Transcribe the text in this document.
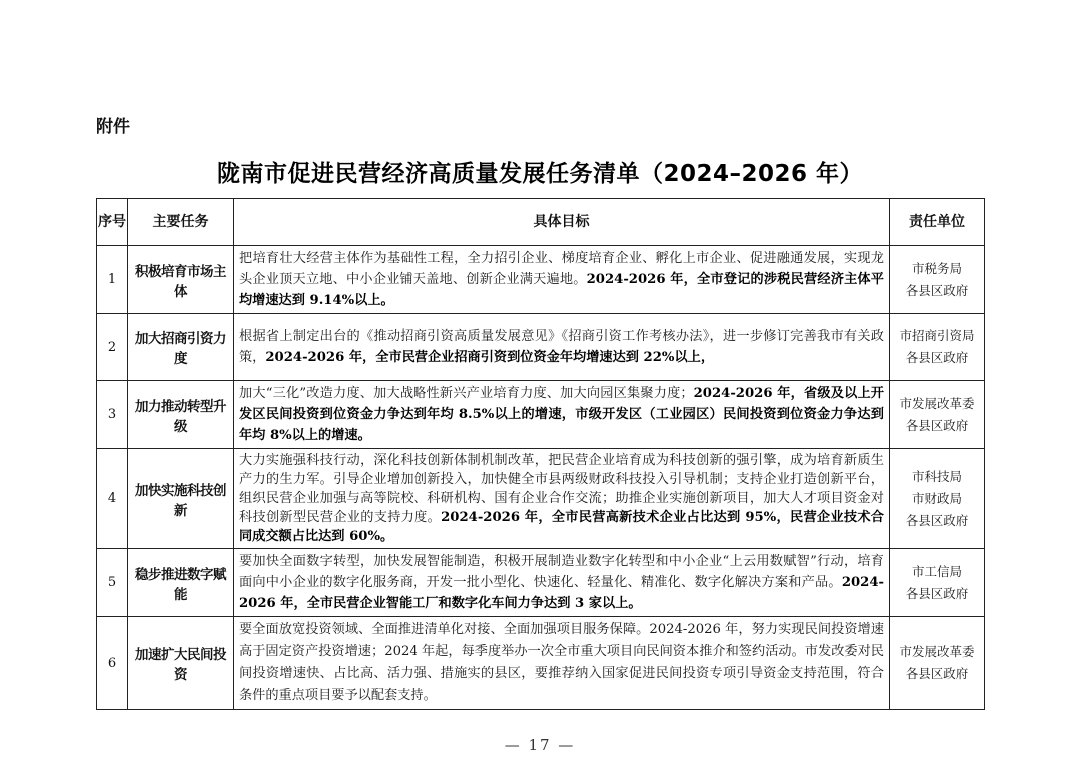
附件
陇南市促进民营经济高质量发展任务清单（2024–2026 年）
序号	主要任务	具体目标	责任单位
1	积极培育市场主体	把培育壮大经营主体作为基础性工程，全力招引企业、梯度培育企业、孵化上市企业、促进融通发展，实现龙头企业顶天立地、中小企业铺天盖地、创新企业满天遍地。2024-2026 年，全市登记的涉税民营经济主体平均增速达到 9.14%以上。	市税务局
各县区政府

2	加大招商引资力度	根据省上制定出台的《推动招商引资高质量发展意见》《招商引资工作考核办法》，进一步修订完善我市有关政策，2024-2026 年，全市民营企业招商引资到位资金年均增速达到 22%以上，	市招商引资局
各县区政府

3	加力推动转型升级	加大“三化”改造力度、加大战略性新兴产业培育力度、加大向园区集聚力度；2024-2026 年，省级及以上开发区民间投资到位资金力争达到年均 8.5%以上的增速，市级开发区（工业园区）民间投资到位资金力争达到年均 8%以上的增速。	市发展改革委
各县区政府

4	加快实施科技创新	大力实施强科技行动，深化科技创新体制机制改革，把民营企业培育成为科技创新的强引擎，成为培育新质生产力的生力军。引导企业增加创新投入，加快健全市县两级财政科技投入引导机制；支持企业打造创新平台，组织民营企业加强与高等院校、科研机构、国有企业合作交流；助推企业实施创新项目，加大人才项目资金对科技创新型民营企业的支持力度。2024-2026 年，全市民营高新技术企业占比达到 95%，民营企业技术合同成交额占比达到 60%。	
市科技局
市财政局
各县区政府

5	稳步推进数字赋能	要加快全面数字转型，加快发展智能制造，积极开展制造业数字化转型和中小企业“上云用数赋智”行动，培育面向中小企业的数字化服务商，开发一批小型化、快速化、轻量化、精准化、数字化解决方案和产品。2024-2026 年，全市民营企业智能工厂和数字化车间力争达到 3 家以上。	市工信局
各县区政府

6	加速扩大民间投资	要全面放宽投资领域、全面推进清单化对接、全面加强项目服务保障。2024-2026 年，努力实现民间投资增速高于固定资产投资增速；2024 年起，每季度举办一次全市重大项目向民间资本推介和签约活动。市发改委对民间投资增速快、占比高、活力强、措施实的县区，要推荐纳入国家促进民间投资专项引导资金支持范围，符合条件的重点项目要予以配套支持。	市发展改革委
各县区政府
— 17 —
